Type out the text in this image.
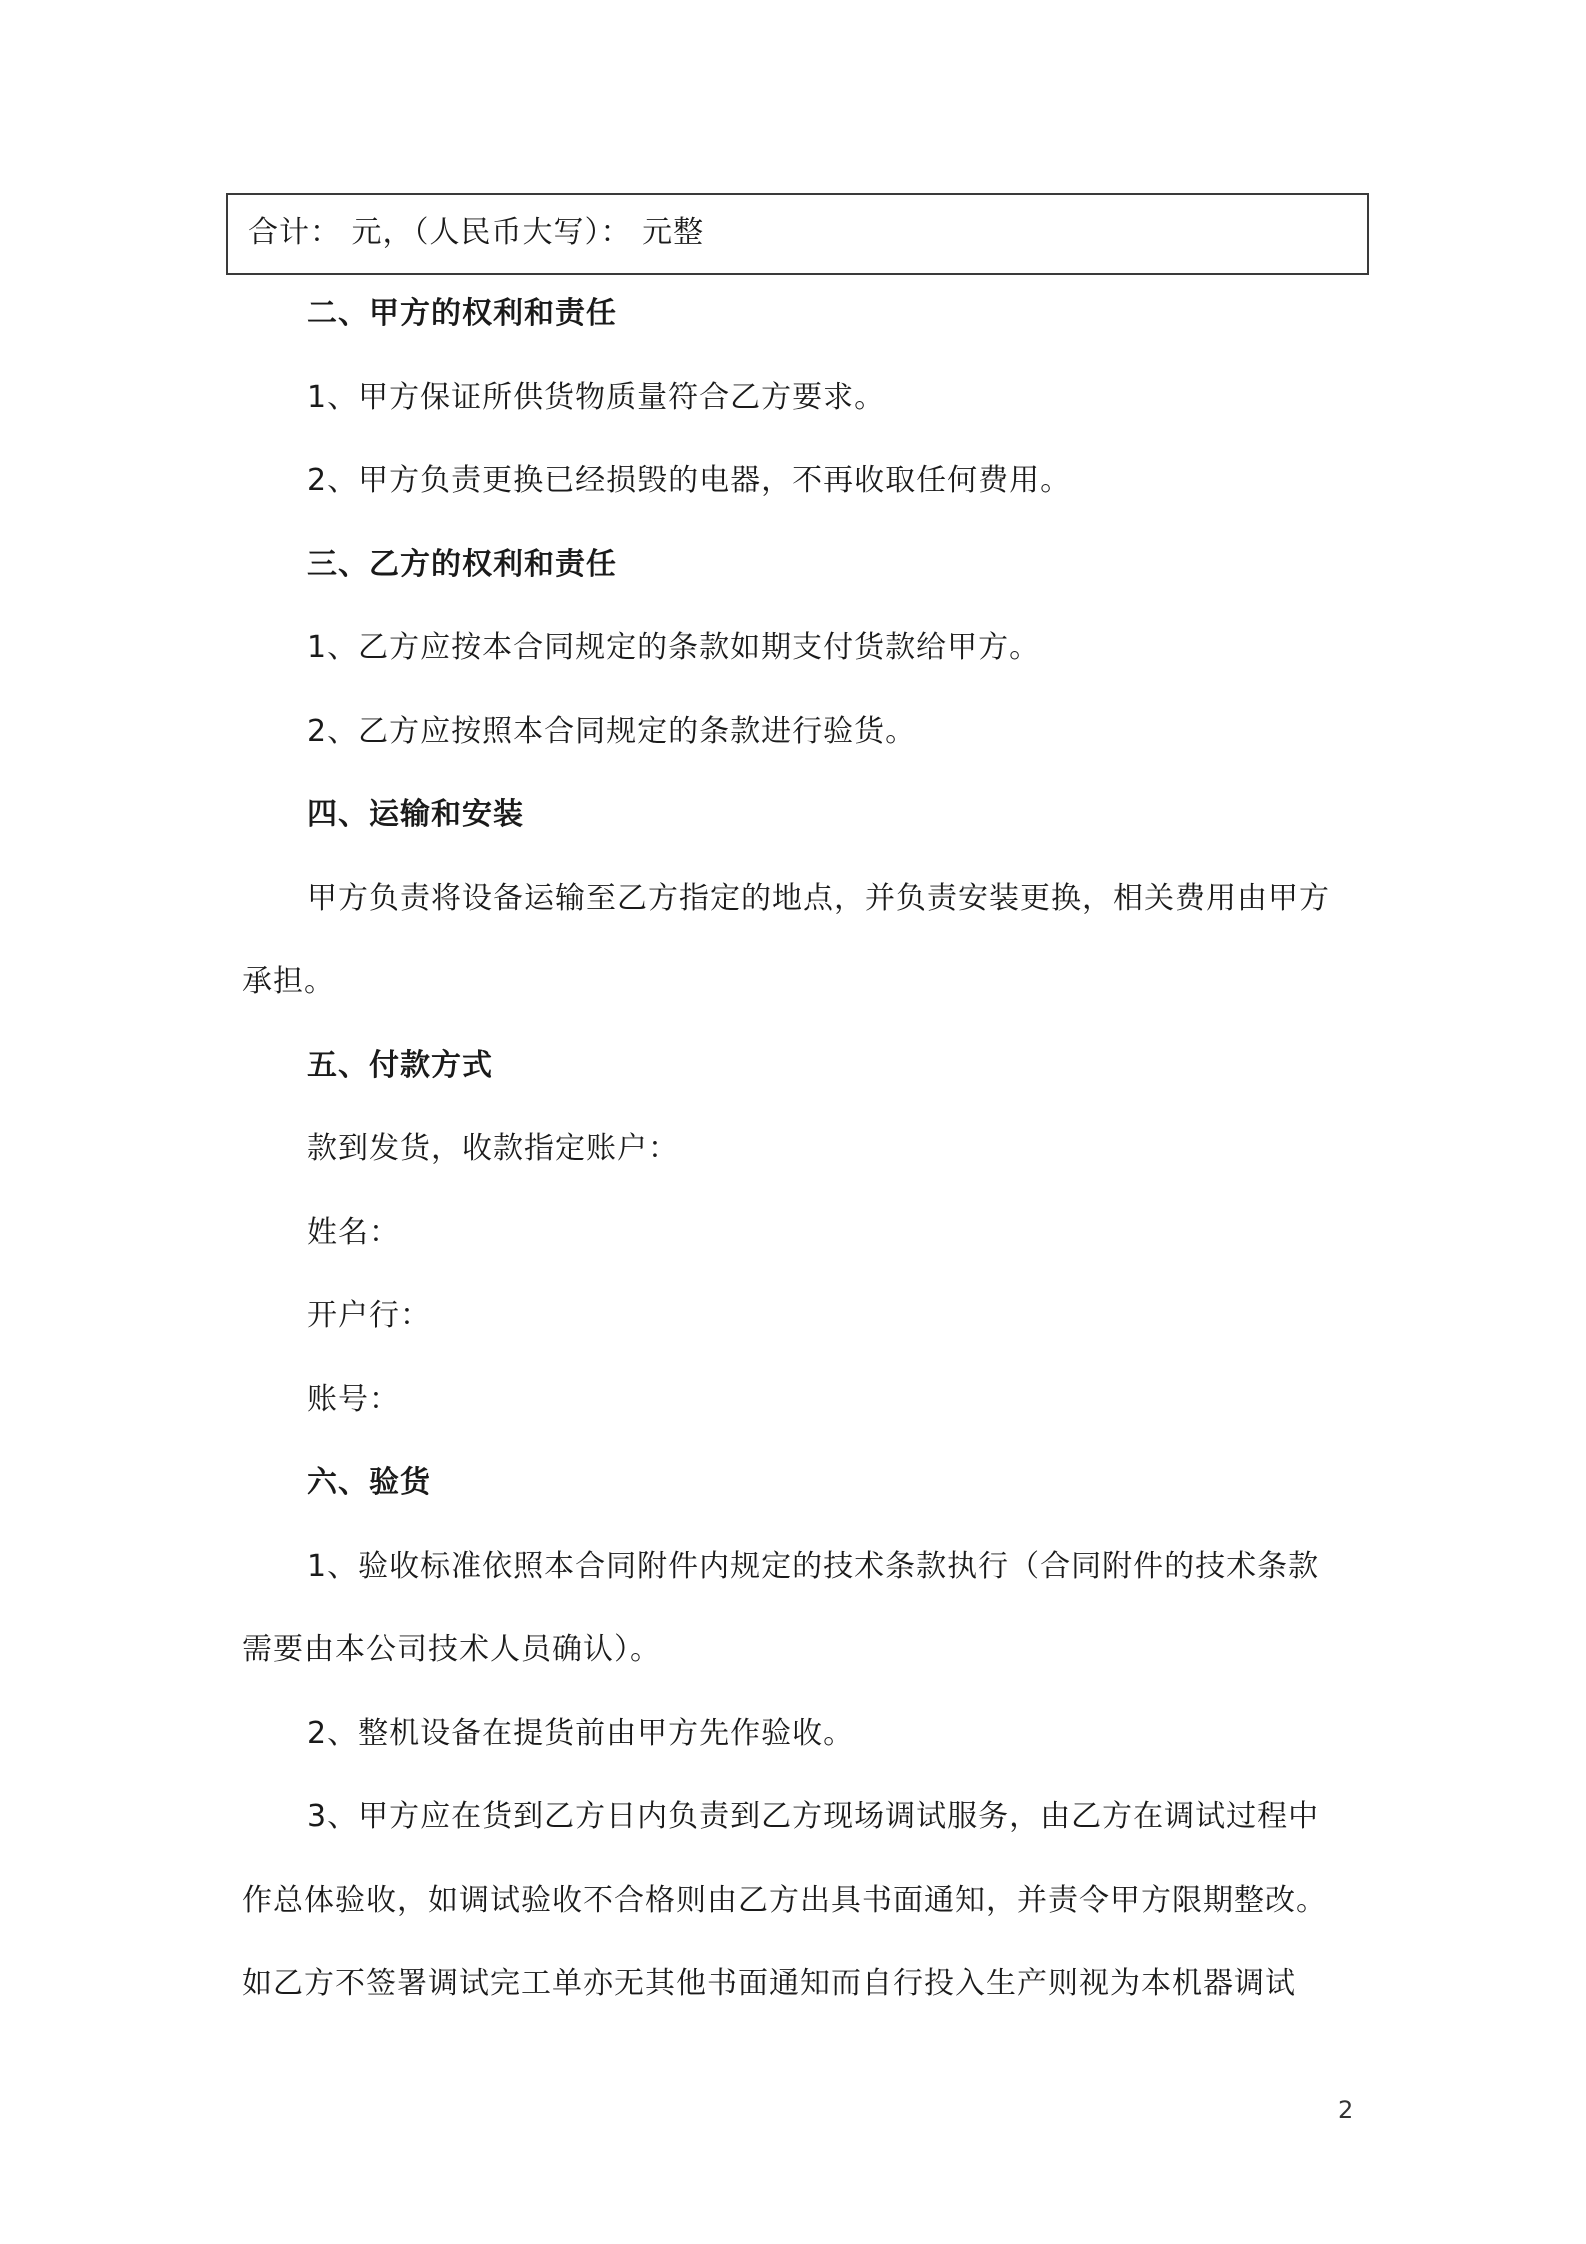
合计： 元，（人民币大写）： 元整
二、甲方的权利和责任
1、甲方保证所供货物质量符合乙方要求。
2、甲方负责更换已经损毁的电器，不再收取任何费用。
三、乙方的权利和责任
1、乙方应按本合同规定的条款如期支付货款给甲方。
2、乙方应按照本合同规定的条款进行验货。
四、运输和安装
甲方负责将设备运输至乙方指定的地点，并负责安装更换，相关费用由甲方
承担。
五、付款方式
款到发货，收款指定账户：
姓名：
开户行：
账号：
六、验货
1、验收标准依照本合同附件内规定的技术条款执行（合同附件的技术条款
需要由本公司技术人员确认）。
2、整机设备在提货前由甲方先作验收。
3、甲方应在货到乙方日内负责到乙方现场调试服务，由乙方在调试过程中
作总体验收，如调试验收不合格则由乙方出具书面通知，并责令甲方限期整改。
如乙方不签署调试完工单亦无其他书面通知而自行投入生产则视为本机器调试
2
